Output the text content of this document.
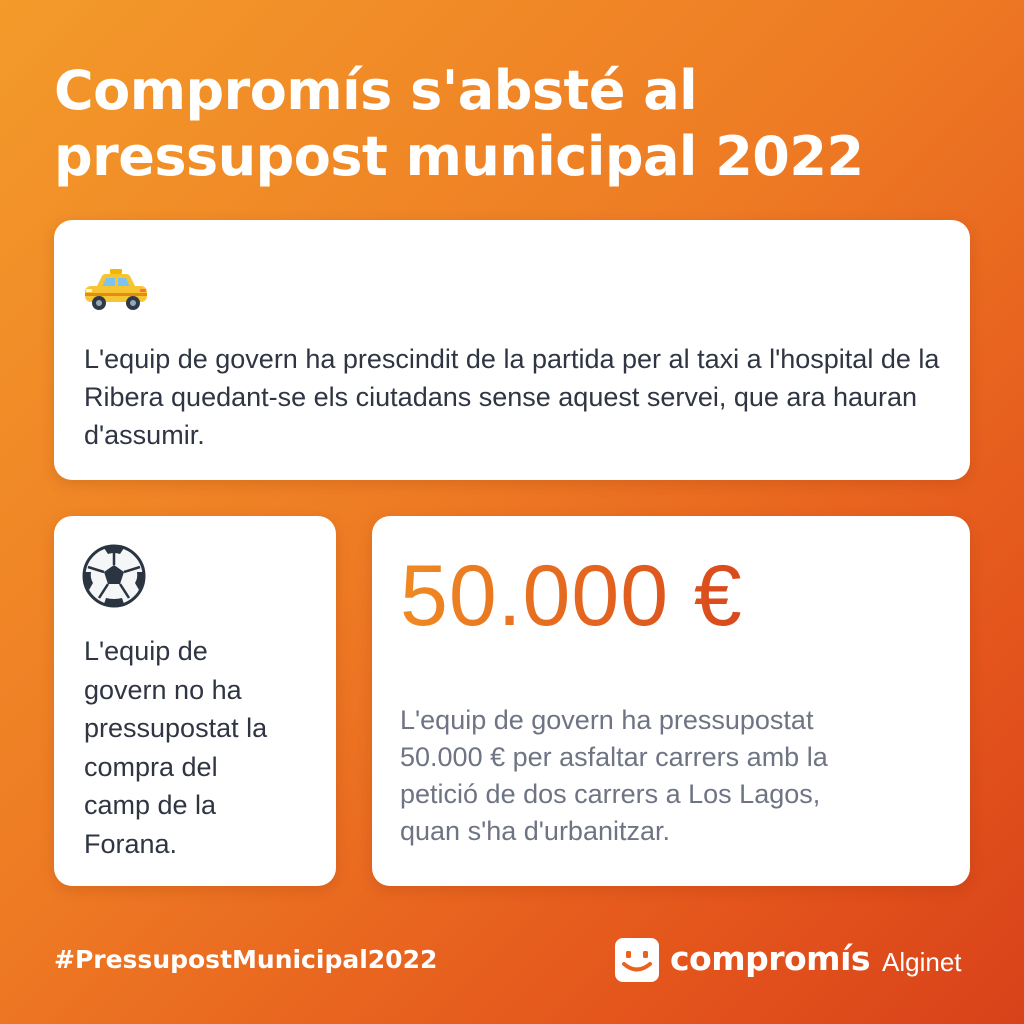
Compromís s'absté al
pressupost municipal 2022

L'equip de govern ha prescindit de la partida per al taxi a l'hospital de la Ribera quedant-se els ciutadans sense aquest servei, que ara hauran d'assumir.

L'equip de
govern no ha
pressupostat la
compra del
camp de la
Forana.

50.000 €

L'equip de govern ha pressupostat
50.000 € per asfaltar carrers amb la
petició de dos carrers a Los Lagos,
quan s'ha d'urbanitzar.

#PressupostMunicipal2022	compromís Alginet
